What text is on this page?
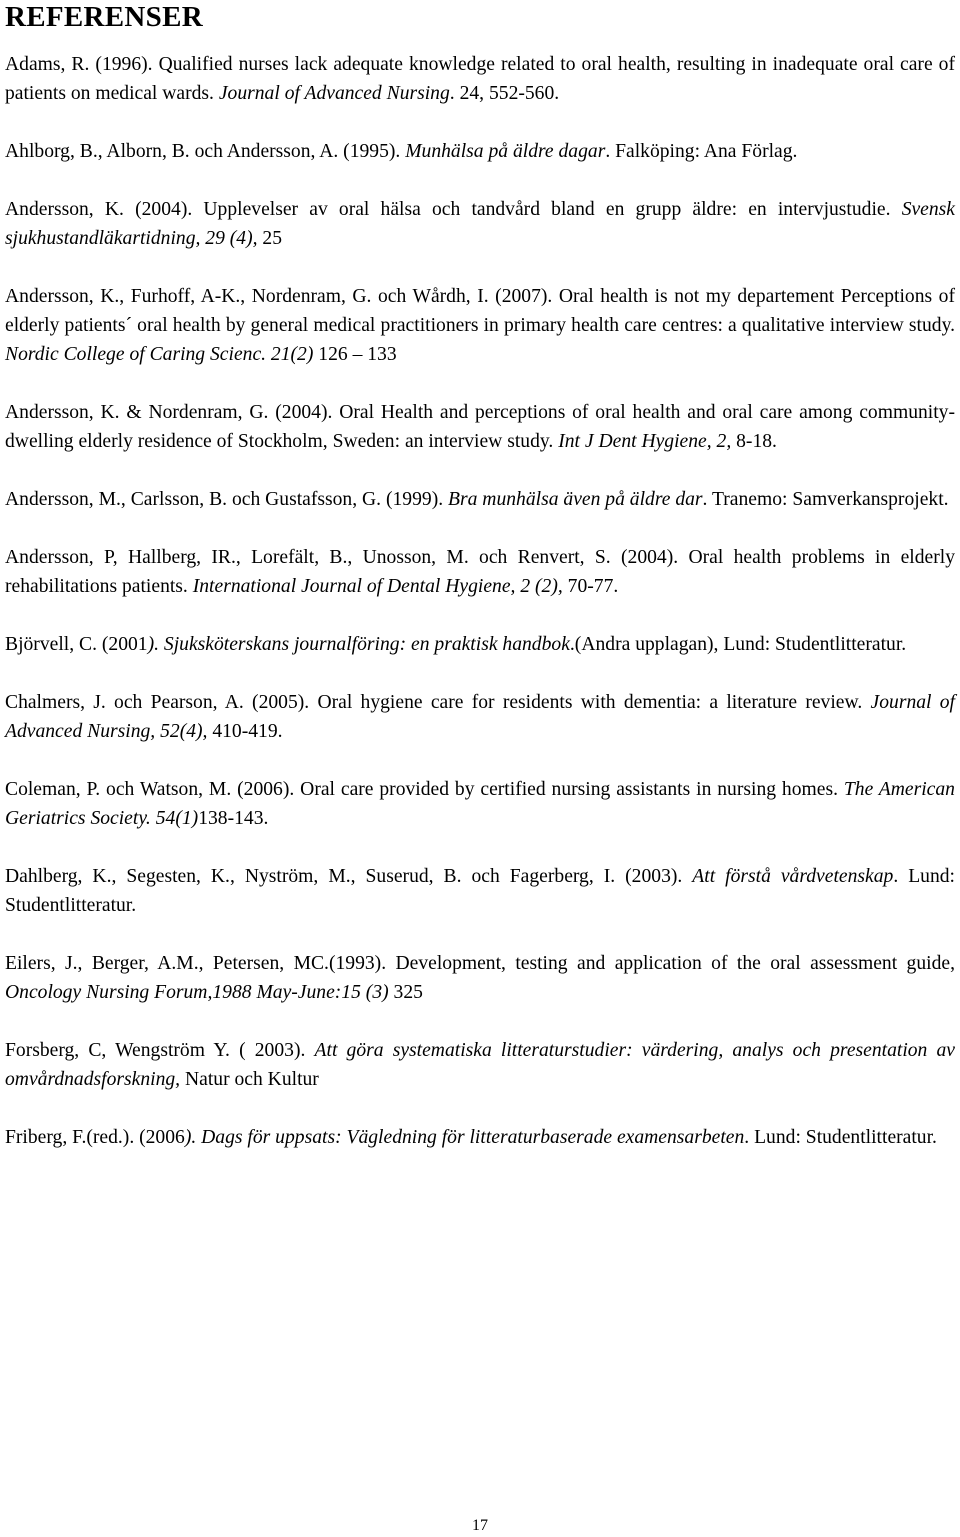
REFERENSER

Adams, R. (1996). Qualified nurses lack adequate knowledge related to oral health, resulting in inadequate oral care of patients on medical wards. Journal of Advanced Nursing. 24, 552-560.

Ahlborg, B., Alborn, B. och Andersson, A. (1995). Munhälsa på äldre dagar. Falköping: Ana Förlag.

Andersson, K. (2004). Upplevelser av oral hälsa och tandvård bland en grupp äldre: en intervjustudie. Svensk sjukhustandläkartidning, 29 (4), 25

Andersson, K., Furhoff, A-K., Nordenram, G. och Wårdh, I. (2007). Oral health is not my departement Perceptions of elderly patients´ oral health by general medical practitioners in primary health care centres: a qualitative interview study. Nordic College of Caring Scienc. 21(2) 126 – 133

Andersson, K. & Nordenram, G. (2004). Oral Health and perceptions of oral health and oral care among community-dwelling elderly residence of Stockholm, Sweden: an interview study. Int J Dent Hygiene, 2, 8-18.

Andersson, M., Carlsson, B. och Gustafsson, G. (1999). Bra munhälsa även på äldre dar. Tranemo: Samverkansprojekt.

Andersson, P, Hallberg, IR., Lorefält, B., Unosson, M. och Renvert, S. (2004). Oral health problems in elderly rehabilitations patients. International Journal of Dental Hygiene, 2 (2), 70-77.

Björvell, C. (2001). Sjuksköterskans journalföring: en praktisk handbok.(Andra upplagan), Lund: Studentlitteratur.

Chalmers, J. och Pearson, A. (2005). Oral hygiene care for residents with dementia: a literature review. Journal of Advanced Nursing, 52(4), 410-419.

Coleman, P. och Watson, M. (2006). Oral care provided by certified nursing assistants in nursing homes. The American Geriatrics Society. 54(1)138-143.

Dahlberg, K., Segesten, K., Nyström, M., Suserud, B. och Fagerberg, I. (2003). Att förstå vårdvetenskap. Lund: Studentlitteratur.

Eilers, J., Berger, A.M., Petersen, MC.(1993). Development, testing and application of the oral assessment guide, Oncology Nursing Forum,1988 May-June:15 (3) 325

Forsberg, C, Wengström Y. ( 2003). Att göra systematiska litteraturstudier: värdering, analys och presentation av omvårdnadsforskning, Natur och Kultur

Friberg, F.(red.). (2006). Dags för uppsats: Vägledning för litteraturbaserade examensarbeten. Lund: Studentlitteratur.

17
